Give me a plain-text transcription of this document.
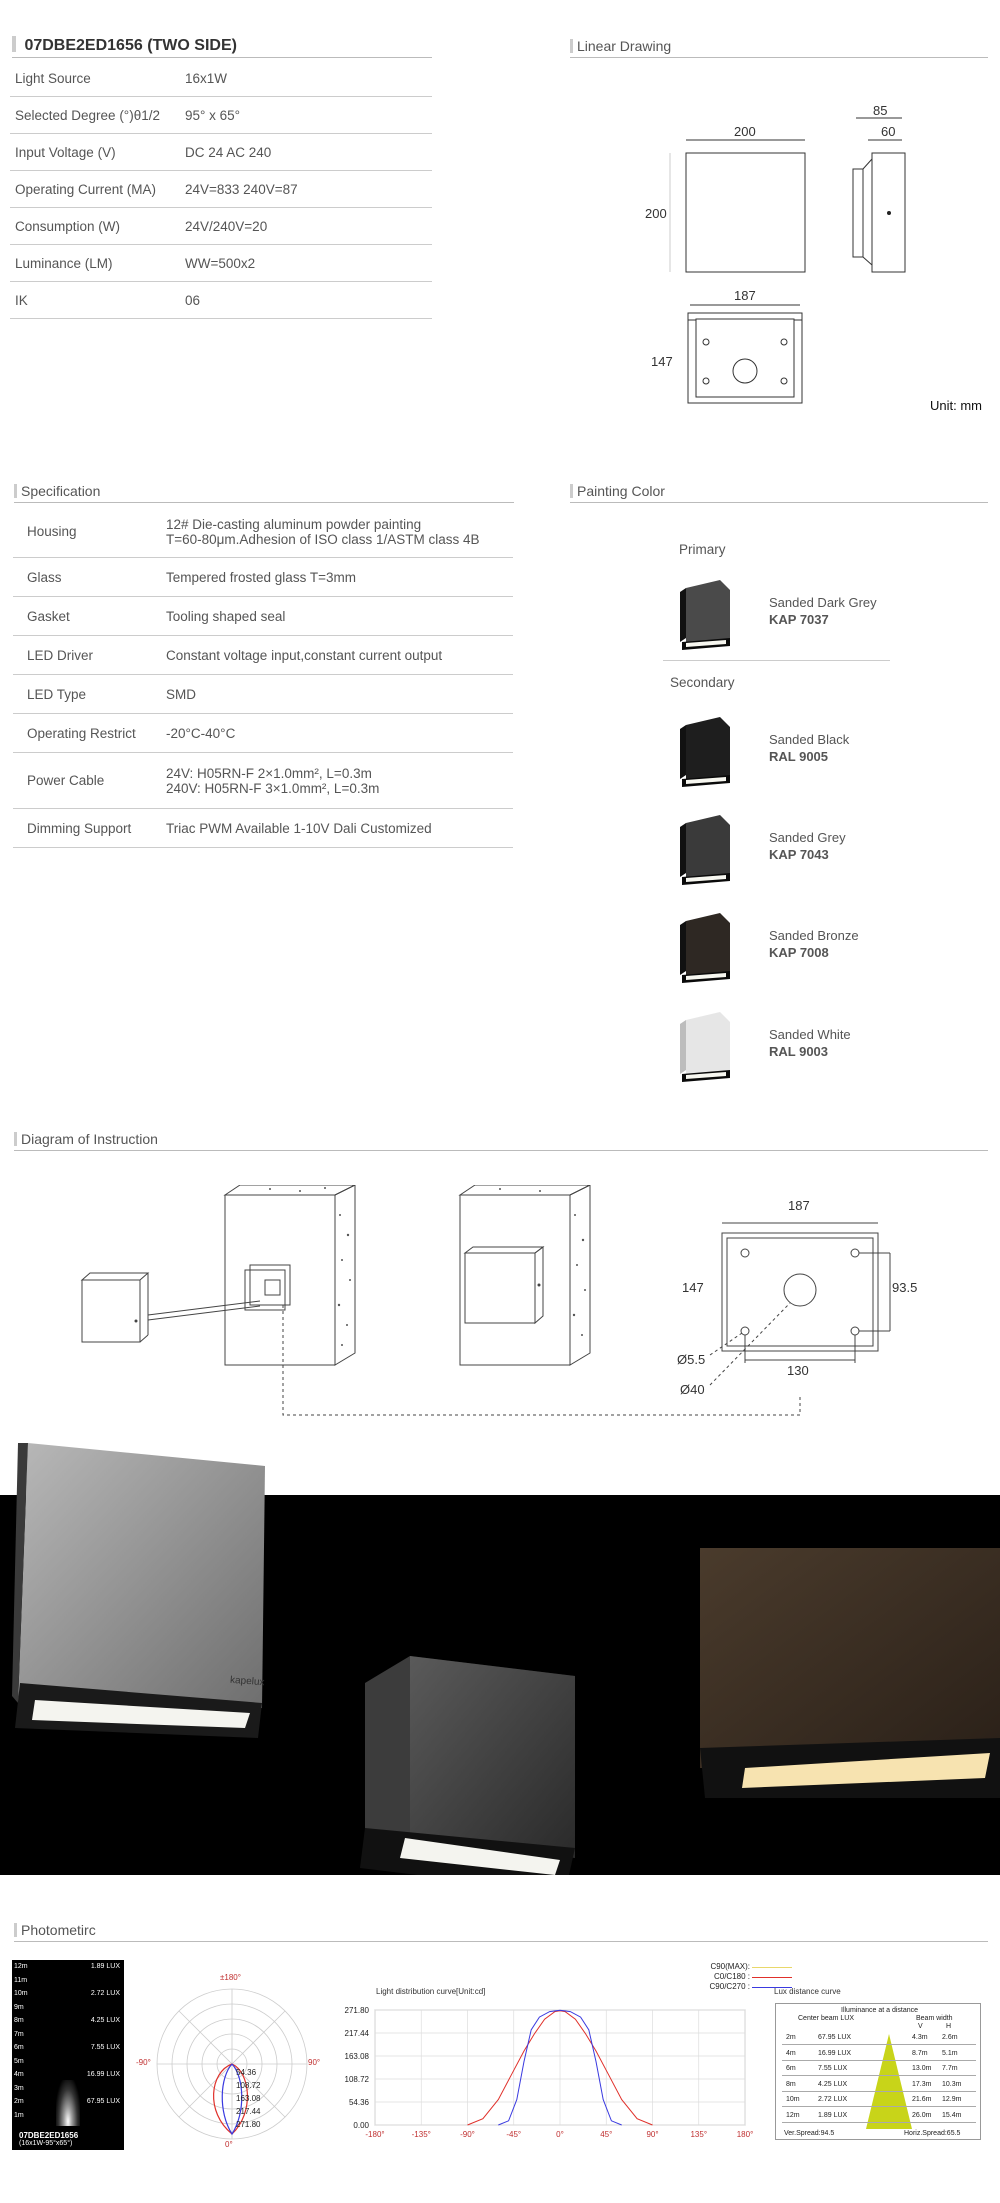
07DBE2ED1656 (TWO SIDE)
Light Source	16x1W
Selected Degree (°)θ1/2 95° x 65°
Input Voltage (V)	DC 24 AC 240
Operating Current (MA) 24V=833 240V=87
Consumption (W)	24V/240V=20
Luminance (LM)	WW=500x2
IK	06
Linear Drawing
200
200
85
60
187
147
Unit: mm
Specification
Housing	12# Die-casting aluminum powder painting
T=60-80μm.Adhesion of ISO class 1/ASTM class 4B
Glass	Tempered frosted glass T=3mm
Gasket	Tooling shaped seal
LED Driver	Constant voltage input,constant current output
LED Type	SMD
Operating Restrict -20°C-40°C
Power Cable	24V: H05RN-F 2×1.0mm², L=0.3m
240V: H05RN-F 3×1.0mm², L=0.3m
Dimming Support	Triac PWM Available 1-10V Dali Customized
Painting Color
Primary
Secondary
Sanded Dark Grey
KAP 7037
Sanded Black
RAL 9005
Sanded Grey
KAP 7043
Sanded Bronze
KAP 7008
Sanded White
RAL 9003
Diagram of Instruction
187
147	93.5
130
Ø5.5
Ø40
kapelux
Photometirc
12m	1.89 LUX
11m
10m	2.72 LUX
9m
8m	4.25 LUX
7m
6m	7.55 LUX
5m
4m	16.99 LUX
3m
2m	67.95 LUX
1m
07DBE2ED1656
(16x1W-95°x65°)
±180°
-90°	90°
0°
54.36
108.72
163.08
217.44
271.80
C90(MAX):
C0/C180 :
C90/C270 :
Light distribution curve[Unit:cd]
0.00
54.36
108.72
163.08
217.44
271.80
-180°	-135°	-90°	-45°	0°	45°	90°	135°	180°
Lux distance curve
Illuminance at a distance
Center beam LUX	Beam width
V	H
2m	67.95 LUX	4.3m 2.6m
4m	16.99 LUX	8.7m 5.1m
6m	7.55 LUX	13.0m 7.7m
8m	4.25 LUX	17.3m 10.3m
10m	2.72 LUX	21.6m 12.9m
12m	1.89 LUX	26.0m 15.4m
Ver.Spread:94.5	Horiz.Spread:65.5
